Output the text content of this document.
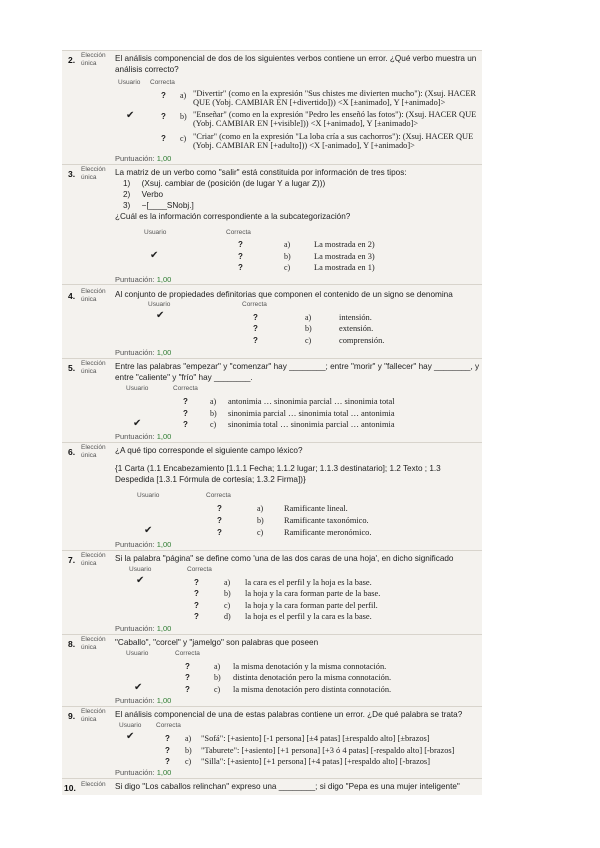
2. Elección
única

El análisis componencial de dos de los siguientes verbos contiene un error. ¿Qué verbo muestra un análisis correcto?

Usuario Correcta
? a) "Divertir" (como en la expresión "Sus chistes me divierten mucho"): (Xsuj. HACER QUE (Yobj. CAMBIAR EN [+divertido])) <X [±animado], Y [+animado]>
✔	? b) "Enseñar" (como en la expresión "Pedro les enseñó las fotos"): (Xsuj. HACER QUE (Yobj. CAMBIAR EN [+visible])) <X [+animado], Y [±animado]>
? c) "Criar" (como en la expresión "La loba cría a sus cachorros"): (Xsuj. HACER QUE (Yobj. CAMBIAR EN [+adulto])) <X [-animado], Y [+animado]>
Puntuación: 1,00
3. Elección
única

La matriz de un verbo como "salir" está constituida por información de tres tipos:

1) (Xsuj. cambiar de (posición (de lugar Y a lugar Z)))

2) Verbo

3) −[____SNobj.]

¿Cuál es la información correspondiente a la subcategorización?

Usuario	Correcta
?	a)	La mostrada en 2)
✔	?	b)	La mostrada en 3)
?	c)	La mostrada en 1)
Puntuación: 1,00
4. Elección
única

Al conjunto de propiedades definitorias que componen el contenido de un signo se denomina

Usuario	Correcta
✔	?	a)	intensión.
?	b)	extensión.
?	c)	comprensión.
Puntuación: 1,00
5. Elección
única

Entre las palabras "empezar" y "comenzar" hay ________; entre "morir" y "fallecer" hay ________, y entre "caliente" y "frío" hay ________.

Usuario	Correcta
?	a) antonimia … sinonimia parcial … sinonimia total
?	b) sinonimia parcial … sinonimia total … antonimia
✔	?	c) sinonimia total … sinonimia parcial … antonimia
Puntuación: 1,00
6. Elección
única

¿A qué tipo corresponde el siguiente campo léxico?

{1 Carta (1.1 Encabezamiento [1.1.1 Fecha; 1.1.2 lugar; 1.1.3 destinatario]; 1.2 Texto ; 1.3 Despedida [1.3.1 Fórmula de cortesía; 1.3.2 Firma])}

Usuario	Correcta
?	a) Ramificante lineal.
?	b) Ramificante taxonómico.
✔	?	c) Ramificante meronómico.
Puntuación: 1,00
7. Elección
única

Si la palabra "página" se define como 'una de las dos caras de una hoja', en dicho significado

Usuario	Correcta
✔	?	a) la cara es el perfil y la hoja es la base.
?	b) la hoja y la cara forman parte de la base.
?	c) la hoja y la cara forman parte del perfil.
?	d) la hoja es el perfil y la cara es la base.
Puntuación: 1,00
8. Elección
única

"Caballo", "corcel" y "jamelgo" son palabras que poseen

Usuario	Correcta
?	a) la misma denotación y la misma connotación.
?	b) distinta denotación pero la misma connotación.
✔	?	c) la misma denotación pero distinta connotación.
Puntuación: 1,00
9. Elección
única

El análisis componencial de una de estas palabras contiene un error. ¿De qué palabra se trata?

Usuario Correcta
✔	? a) "Sofá": [+asiento] [-1 persona] [±4 patas] [±respaldo alto] [±brazos]
? b) "Taburete": [+asiento] [+1 persona] [+3 ó 4 patas] [-respaldo alto] [-brazos]
? c) "Silla": [+asiento] [+1 persona] [+4 patas] [+respaldo alto] [-brazos]
Puntuación: 1,00
10. Elección Si digo "Los caballos relinchan" expreso una ________; si digo "Pepa es una mujer inteligente"
